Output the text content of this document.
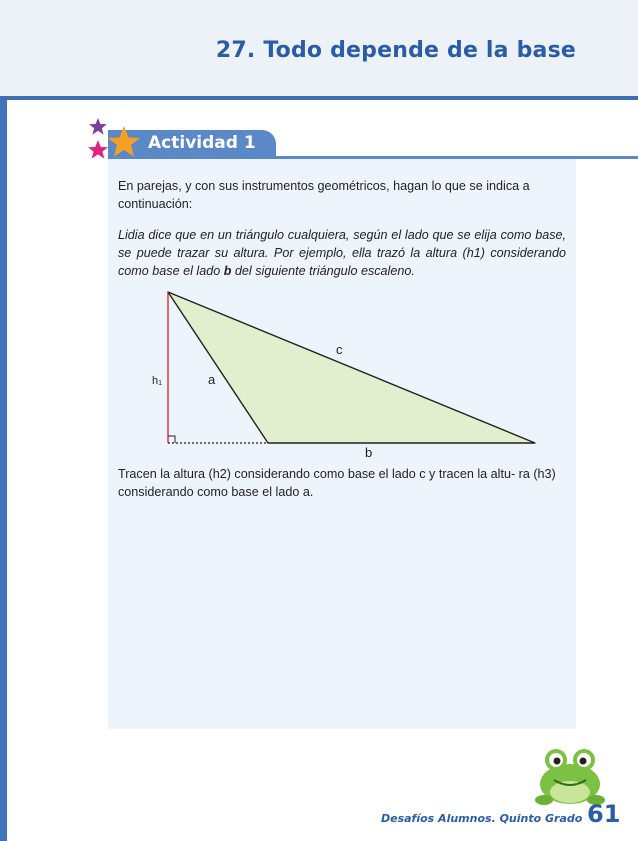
27. Todo depende de la base
Actividad 1
En parejas, y con sus instrumentos geométricos, hagan lo que se indica a continuación:
Lidia dice que en un triángulo cualquiera, según el lado que se elija como base, se puede trazar su altura. Por ejemplo, ella trazó la altura (h1) considerando como base el lado b del siguiente triángulo escaleno.
c
a
b
h1
Tracen la altura (h2) considerando como base el lado c y tracen la altu- ra (h3) considerando como base el lado a.
Desafíos Alumnos. Quinto Grado 61
